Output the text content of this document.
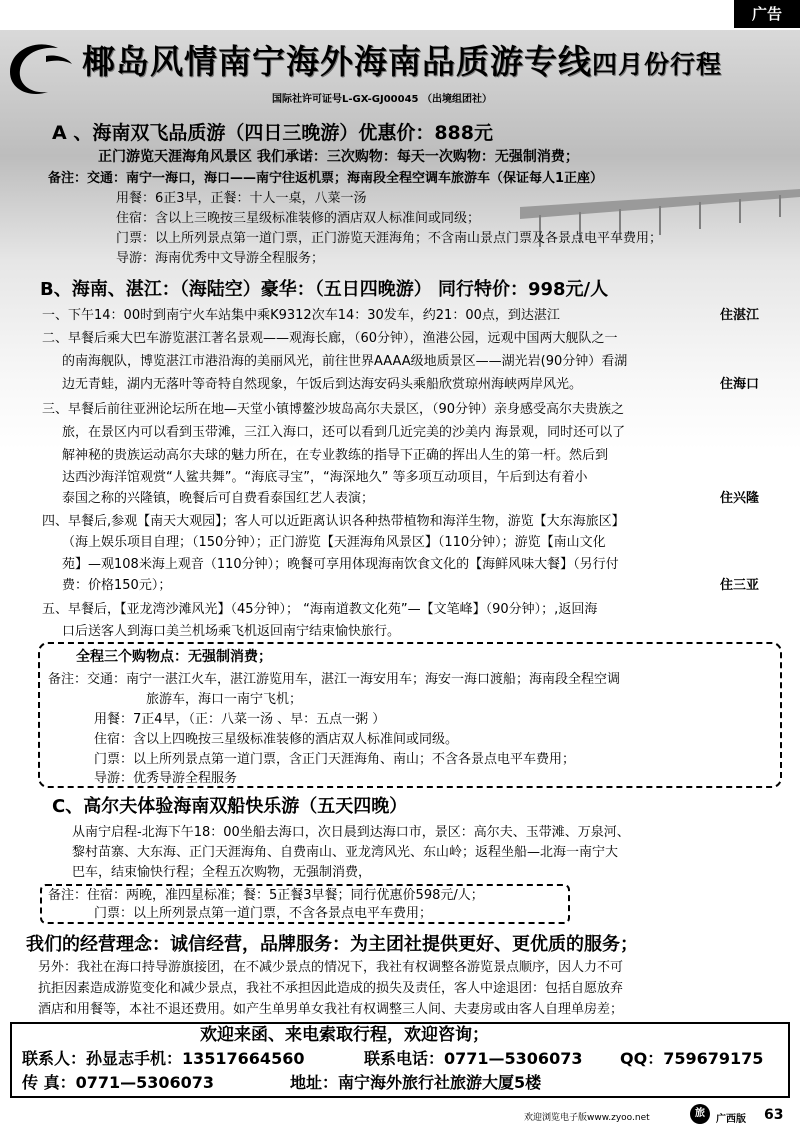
广告
椰岛风情南宁海外海南品质游专线四月份行程
国际社许可证号L-GX-GJ00045 （出境组团社）
A 、海南双飞品质游（四日三晚游）优惠价：888元
正门游览天涯海角风景区 我们承诺：三次购物：每天一次购物：无强制消费；
备注：交通：南宁一海口，海口——南宁往返机票；海南段全程空调车旅游车（保证每人1正座）
用餐：6正3早，正餐：十人一桌，八菜一汤
住宿：含以上三晚按三星级标准装修的酒店双人标准间或同级；
门票：以上所列景点第一道门票，正门游览天涯海角；不含南山景点门票及各景点电平车费用；
导游：海南优秀中文导游全程服务；
B、海南、湛江：（海陆空）豪华：（五日四晚游） 同行特价：998元/人
一、下午14：00时到南宁火车站集中乘K9312次车14：30发车，约21：00点，到达湛江	住湛江
二、早餐后乘大巴车游览湛江著名景观——观海长廊，（60分钟），渔港公园，远观中国两大舰队之一
的南海舰队，博览湛江市港沿海的美丽风光，前往世界AAAA级地质景区——湖光岩(90分钟）看湖
边无青蛙，湖内无落叶等奇特自然现象，午饭后到达海安码头乘船欣赏琼州海峡两岸风光。	住海口
三、早餐后前往亚洲论坛所在地—天堂小镇博鳌沙坡岛高尔夫景区，（90分钟）亲身感受高尔夫贵族之
旅，在景区内可以看到玉带滩，三江入海口，还可以看到几近完美的沙美内 海景观，同时还可以了
解神秘的贵族运动高尔夫球的魅力所在，在专业教练的指导下正确的挥出人生的第一杆。然后到
达西沙海洋馆观赏“人鲨共舞”。“海底寻宝”，“海深地久” 等多项互动项目，午后到达有着小
泰国之称的兴隆镇，晚餐后可自费看泰国红艺人表演；	住兴隆
四、早餐后,参观【南天大观园】；客人可以近距离认识各种热带植物和海洋生物，游览【大东海旅区】
（海上娱乐项目自理；（150分钟）；正门游览【天涯海角风景区】（110分钟）；游览【南山文化
苑】—观108米海上观音（110分钟）；晚餐可享用体现海南饮食文化的【海鲜风味大餐】（另行付
费：价格150元）；	住三亚
五、早餐后，【亚龙湾沙滩风光】（45分钟）； “海南道教文化苑”—【文笔峰】（90分钟）；,返回海
口后送客人到海口美兰机场乘飞机返回南宁结束愉快旅行。
全程三个购物点：无强制消费；
备注：交通：南宁一湛江火车，湛江游览用车，湛江一海安用车；海安一海口渡船；海南段全程空调
旅游车，海口一南宁飞机；
用餐：7正4早，（正：八菜一汤 、早：五点一粥 ）
住宿：含以上四晚按三星级标准装修的酒店双人标准间或同级。
门票：以上所列景点第一道门票，含正门天涯海角、南山；不含各景点电平车费用；
导游：优秀导游全程服务
C、高尔夫体验海南双船快乐游（五天四晚）
从南宁启程-北海下午18：00坐船去海口，次日晨到达海口市，景区：高尔夫、玉带滩、万泉河、
黎村苗寨、大东海、正门天涯海角、自费南山、亚龙湾风光、东山岭；返程坐船—北海一南宁大
巴车，结束愉快行程；全程五次购物，无强制消费，
备注：住宿：两晚，准四星标准；餐：5正餐3早餐；同行优惠价598元/人；
门票：以上所列景点第一道门票，不含各景点电平车费用；
我们的经营理念：诚信经营，品牌服务：为主团社提供更好、更优质的服务；
另外：我社在海口持导游旗接团，在不减少景点的情况下，我社有权调整各游览景点顺序，因人力不可
抗拒因素造成游览变化和减少景点，我社不承担因此造成的损失及责任，客人中途退团：包括自愿放弃
酒店和用餐等，本社不退还费用。如产生单男单女我社有权调整三人间、夫妻房或由客人自理单房差；
欢迎来函、来电索取行程，欢迎咨询；
联系人：孙显志手机：13517664560	联系电话：0771—5306073 QQ：759679175
传 真：0771—5306073	地址：南宁海外旅行社旅游大厦5楼
欢迎浏览电子版www.zyoo.net	旅
广西版 63
